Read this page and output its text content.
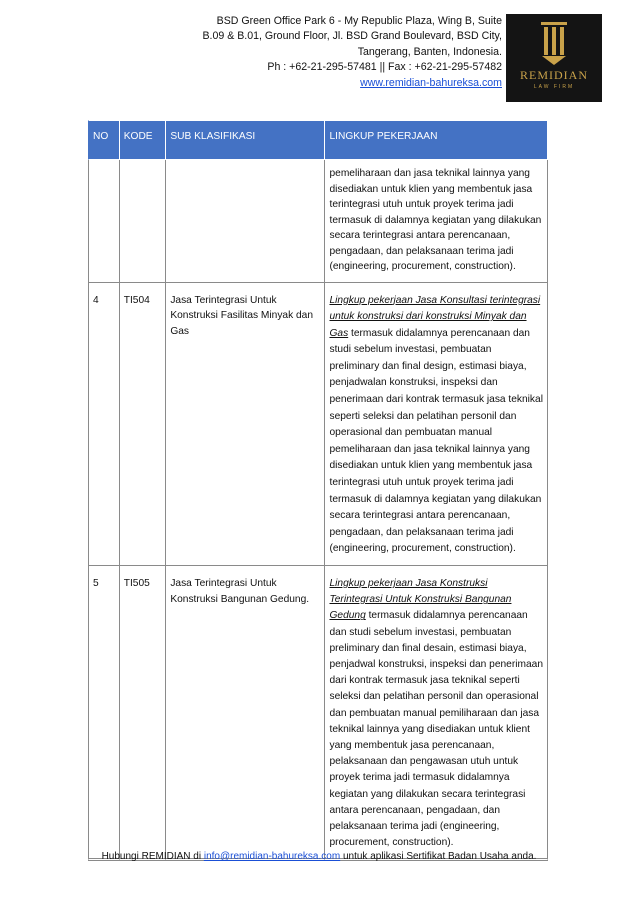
BSD Green Office Park 6 - My Republic Plaza, Wing B, Suite
B.09 & B.01, Ground Floor, Jl. BSD Grand Boulevard, BSD City,
Tangerang, Banten, Indonesia.
Ph : +62-21-295-57481 || Fax : +62-21-295-57482
www.remidian-bahureksa.com
REMIDIAN
LAW FIRM
NO	KODE	SUB KLASIFIKASI	LINGKUP PEKERJAAN
			pemeliharaan dan jasa teknikal lainnya yang disediakan untuk klien yang membentuk jasa terintegrasi utuh untuk proyek terima jadi termasuk di dalamnya kegiatan yang dilakukan secara terintegrasi antara perencanaan, pengadaan, dan pelaksanaan terima jadi (engineering, procurement, construction).
4	TI504	Jasa Terintegrasi Untuk Konstruksi Fasilitas Minyak dan Gas	Lingkup pekerjaan Jasa Konsultasi terintegrasi untuk konstruksi dari konstruksi Minyak dan Gas termasuk didalamnya perencanaan dan studi sebelum investasi, pembuatan preliminary dan final design, estimasi biaya, penjadwalan konstruksi, inspeksi dan penerimaan dari kontrak termasuk jasa teknikal seperti seleksi dan pelatihan personil dan operasional dan pembuatan manual pemeliharaan dan jasa teknikal lainnya yang disediakan untuk klien yang membentuk jasa terintegrasi utuh untuk proyek terima jadi termasuk di dalamnya kegiatan yang dilakukan secara terintegrasi antara perencanaan, pengadaan, dan pelaksanaan terima jadi (engineering, procurement, construction).
5	TI505	Jasa Terintegrasi Untuk Konstruksi Bangunan Gedung.	Lingkup pekerjaan Jasa Konstruksi Terintegrasi Untuk Konstruksi Bangunan Gedung termasuk didalamnya perencanaan dan studi sebelum investasi, pembuatan preliminary dan final desain, estimasi biaya, penjadwal konstruksi, inspeksi dan penerimaan dari kontrak termasuk jasa teknikal seperti seleksi dan pelatihan personil dan operasional dan pembuatan manual pemiliharaan dan jasa teknikal lainnya yang disediakan untuk klient yang membentuk jasa perencanaan, pelaksanaan dan pengawasan utuh untuk proyek terima jadi termasuk didalamnya kegiatan yang dilakukan secara terintegrasi antara perencanaan, pengadaan, dan pelaksanaan terima jadi (engineering, procurement, construction).
Hubungi REMIDIAN di info@remidian-bahureksa.com untuk aplikasi Sertifikat Badan Usaha anda.
